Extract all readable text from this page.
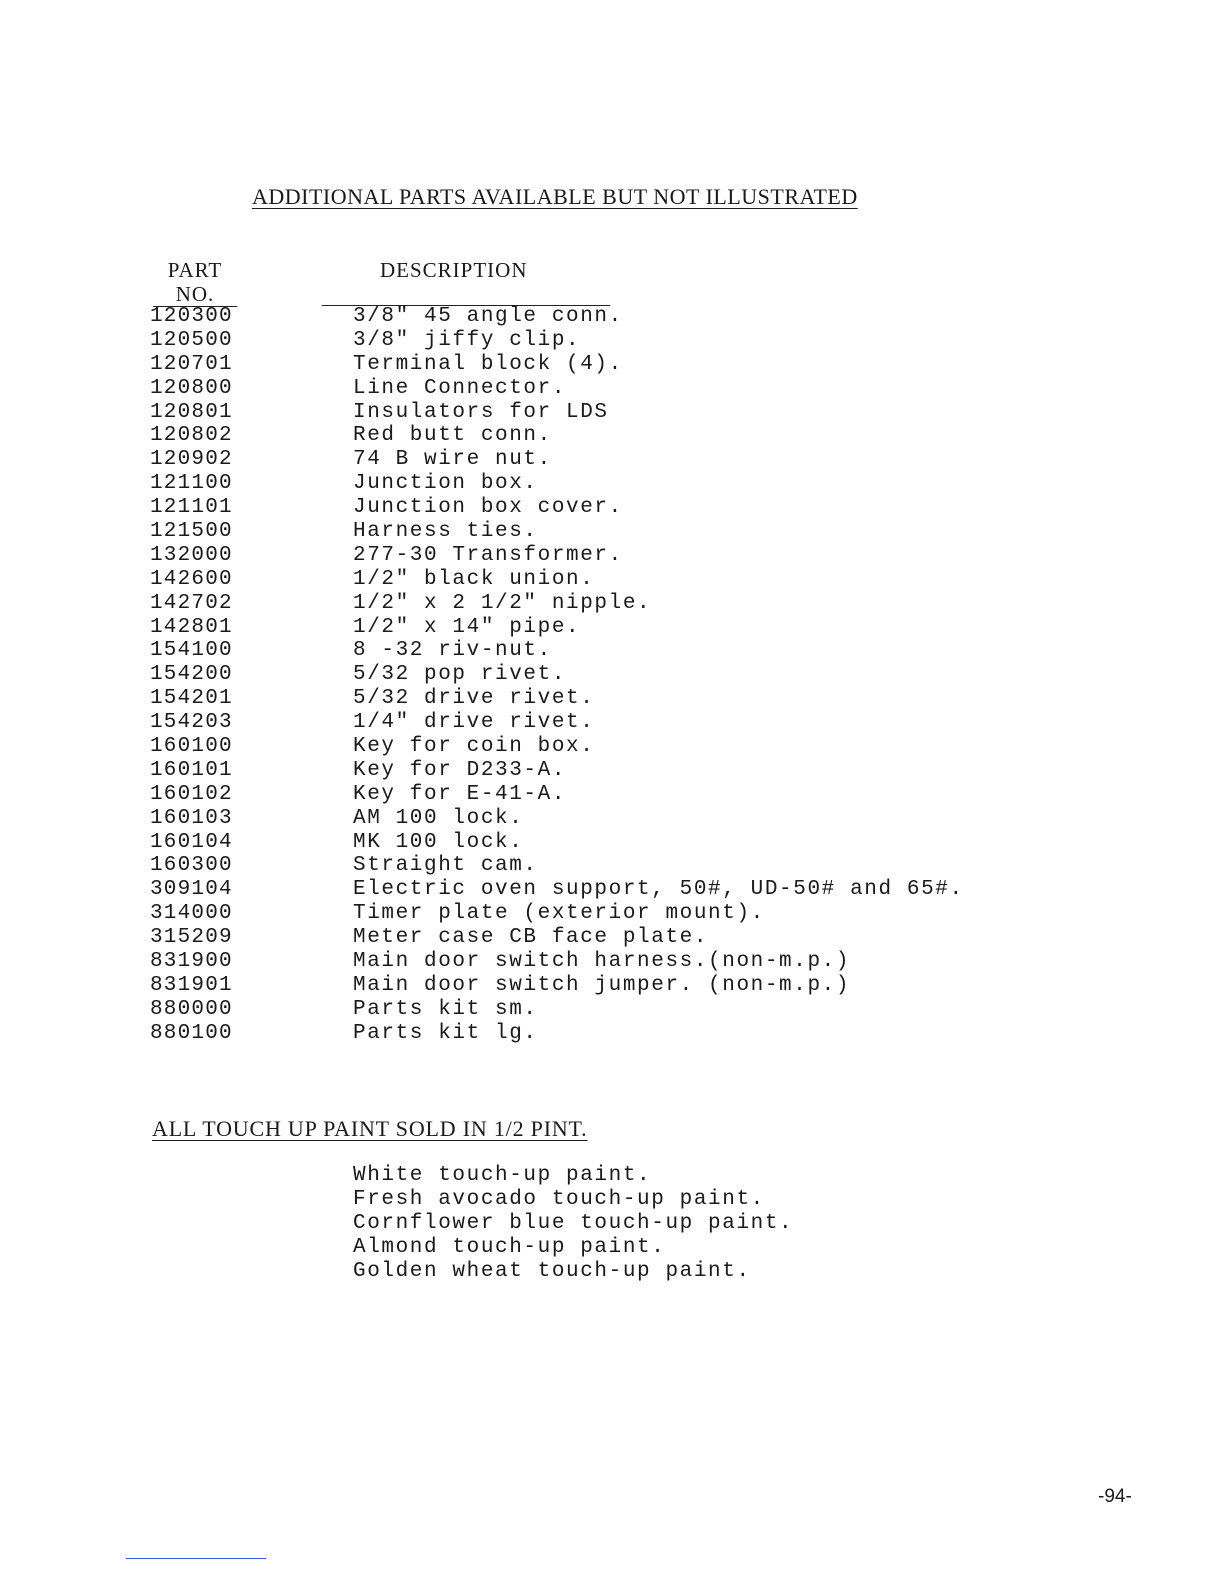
ADDITIONAL PARTS AVAILABLE BUT NOT ILLUSTRATED
PART

NO.
DESCRIPTION
120300	3/8" 45 angle conn.
120500	3/8" jiffy clip.
120701	Terminal block (4).
120800	Line Connector.
120801	Insulators for LDS
120802	Red butt conn.
120902	74 B wire nut.
121100	Junction box.
121101	Junction box cover.
121500	Harness ties.
132000	277-30 Transformer.
142600	1/2" black union.
142702	1/2" x 2 1/2" nipple.
142801	1/2" x 14" pipe.
154100	8 -32 riv-nut.
154200	5/32 pop rivet.
154201	5/32 drive rivet.
154203	1/4" drive rivet.
160100	Key for coin box.
160101	Key for D233-A.
160102	Key for E-41-A.
160103	AM 100 lock.
160104	MK 100 lock.
160300	Straight cam.
309104	Electric oven support, 50#, UD-50# and 65#.
314000	Timer plate (exterior mount).
315209	Meter case CB face plate.
831900	Main door switch harness.(non-m.p.)
831901	Main door switch jumper. (non-m.p.)
880000	Parts kit sm.
880100	Parts kit lg.
ALL TOUCH UP PAINT SOLD IN 1/2 PINT.
White touch-up paint.
Fresh avocado touch-up paint.
Cornflower blue touch-up paint.
Almond touch-up paint.
Golden wheat touch-up paint.
-94-
